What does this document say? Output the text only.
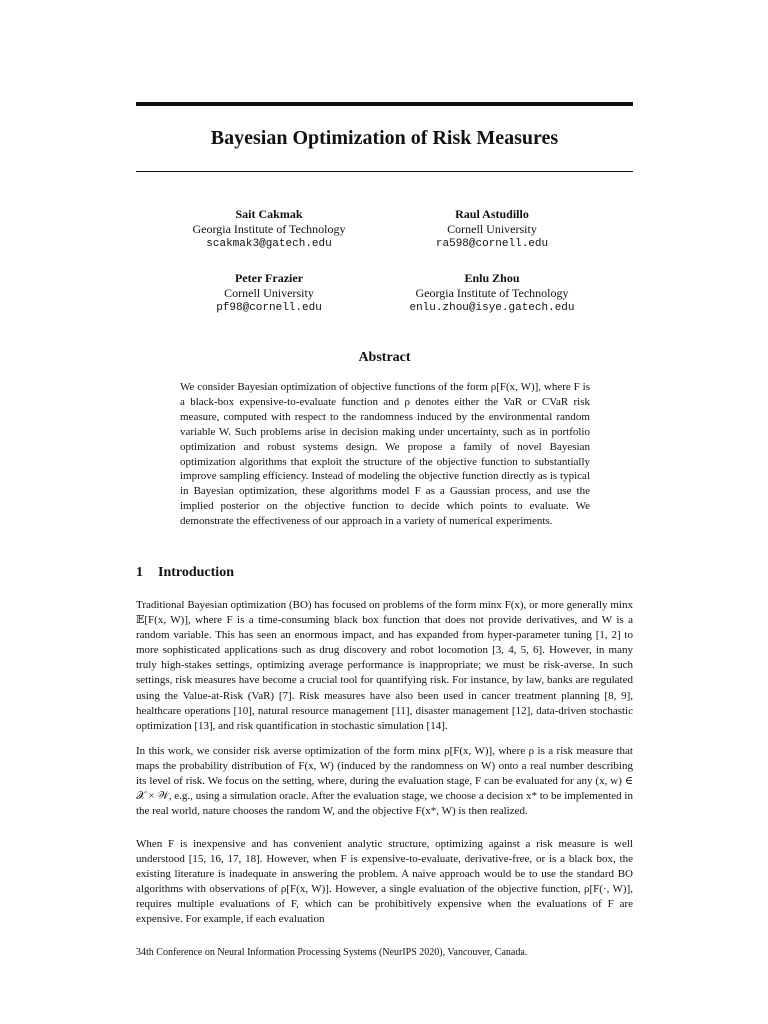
Bayesian Optimization of Risk Measures
Sait Cakmak
Georgia Institute of Technology
scakmak3@gatech.edu
Raul Astudillo
Cornell University
ra598@cornell.edu
Peter Frazier
Cornell University
pf98@cornell.edu
Enlu Zhou
Georgia Institute of Technology
enlu.zhou@isye.gatech.edu
Abstract

We consider Bayesian optimization of objective functions of the form ρ[F(x, W)], where F is a black-box expensive-to-evaluate function and ρ denotes either the VaR or CVaR risk measure, computed with respect to the randomness induced by the environmental random variable W. Such problems arise in decision making under uncertainty, such as in portfolio optimization and robust systems design. We propose a family of novel Bayesian optimization algorithms that exploit the structure of the objective function to substantially improve sampling efficiency. Instead of modeling the objective function directly as is typical in Bayesian optimization, these algorithms model F as a Gaussian process, and use the implied posterior on the objective function to decide which points to evaluate. We demonstrate the effectiveness of our approach in a variety of numerical experiments.

1 Introduction

Traditional Bayesian optimization (BO) has focused on problems of the form minx F(x), or more generally minx 𝔼[F(x, W)], where F is a time-consuming black box function that does not provide derivatives, and W is a random variable. This has seen an enormous impact, and has expanded from hyper-parameter tuning [1, 2] to more sophisticated applications such as drug discovery and robot locomotion [3, 4, 5, 6]. However, in many truly high-stakes settings, optimizing average performance is inappropriate; we must be risk-averse. In such settings, risk measures have become a crucial tool for quantifying risk. For instance, by law, banks are regulated using the Value-at-Risk (VaR) [7]. Risk measures have also been used in cancer treatment planning [8, 9], healthcare operations [10], natural resource management [11], disaster management [12], data-driven stochastic optimization [13], and risk quantification in stochastic simulation [14].

In this work, we consider risk averse optimization of the form minx ρ[F(x, W)], where ρ is a risk measure that maps the probability distribution of F(x, W) (induced by the randomness on W) onto a real number describing its level of risk. We focus on the setting, where, during the evaluation stage, F can be evaluated for any (x, w) ∈ 𝒳 × 𝒲, e.g., using a simulation oracle. After the evaluation stage, we choose a decision x* to be implemented in the real world, nature chooses the random W, and the objective F(x*, W) is then realized.

When F is inexpensive and has convenient analytic structure, optimizing against a risk measure is well understood [15, 16, 17, 18]. However, when F is expensive-to-evaluate, derivative-free, or is a black box, the existing literature is inadequate in answering the problem. A naive approach would be to use the standard BO algorithms with observations of ρ[F(x, W)]. However, a single evaluation of the objective function, ρ[F(·, W)], requires multiple evaluations of F, which can be prohibitively expensive when the evaluations of F are expensive. For example, if each evaluation

34th Conference on Neural Information Processing Systems (NeurIPS 2020), Vancouver, Canada.
